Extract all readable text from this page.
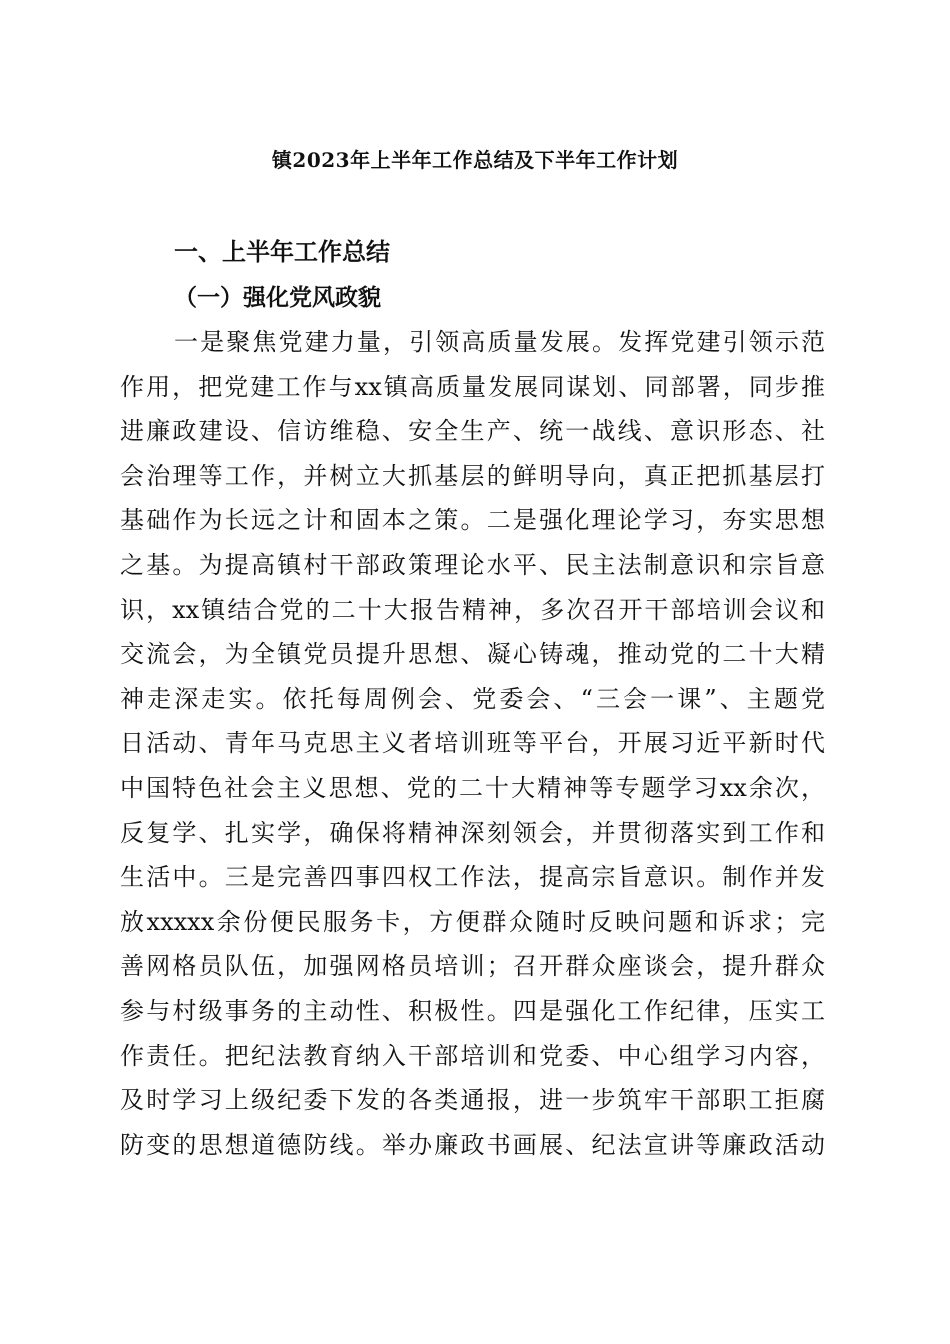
镇2023年上半年工作总结及下半年工作计划
一、上半年工作总结
（一）强化党风政貌
一是聚焦党建力量，引领高质量发展。发挥党建引领示范
作用，把党建工作与xx镇高质量发展同谋划、同部署，同步推
进廉政建设、信访维稳、安全生产、统一战线、意识形态、社
会治理等工作，并树立大抓基层的鲜明导向，真正把抓基层打
基础作为长远之计和固本之策。二是强化理论学习，夯实思想
之基。为提高镇村干部政策理论水平、民主法制意识和宗旨意
识，xx镇结合党的二十大报告精神，多次召开干部培训会议和
交流会，为全镇党员提升思想、凝心铸魂，推动党的二十大精
神走深走实。依托每周例会、党委会、“三会一课”、主题党
日活动、青年马克思主义者培训班等平台，开展习近平新时代
中国特色社会主义思想、党的二十大精神等专题学习xx余次，
反复学、扎实学，确保将精神深刻领会，并贯彻落实到工作和
生活中。三是完善四事四权工作法，提高宗旨意识。制作并发
放xxxxx余份便民服务卡，方便群众随时反映问题和诉求；完
善网格员队伍，加强网格员培训；召开群众座谈会，提升群众
参与村级事务的主动性、积极性。四是强化工作纪律，压实工
作责任。把纪法教育纳入干部培训和党委、中心组学习内容，
及时学习上级纪委下发的各类通报，进一步筑牢干部职工拒腐
防变的思想道德防线。举办廉政书画展、纪法宣讲等廉政活动
